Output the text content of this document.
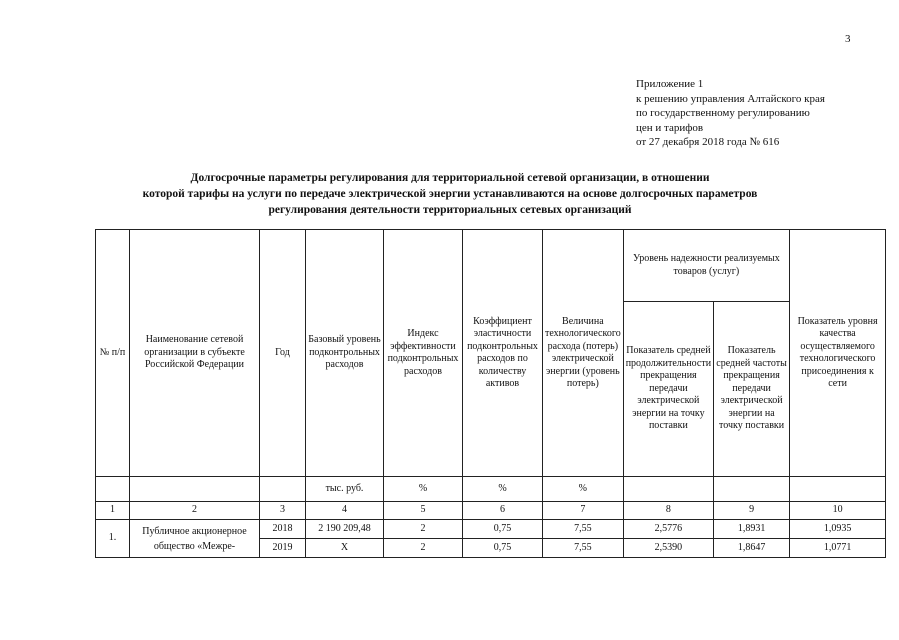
3
Приложение 1
к решению управления Алтайского края
по государственному регулированию
цен и тарифов
от 27 декабря 2018 года № 616
Долгосрочные параметры регулирования для территориальной сетевой организации, в отношении
которой тарифы на услуги по передаче электрической энергии устанавливаются на основе долгосрочных параметров
регулирования деятельности территориальных сетевых организаций
№ п/п	Наименование сетевой организации в субъекте Российской Федерации	Год	Базовый уровень подконтрольных расходов	Индекс эффективности подконтрольных расходов	Коэффициент эластичности подконтрольных расходов по количеству активов	Величина технологического расхода (потерь) электрической энергии (уровень потерь)	Уровень надежности реализуемых товаров (услуг)		Показатель уровня качества осуществляемого технологического присоединения к сети
							Показатель средней продолжительности прекращения передачи электрической энергии на точку поставки	Показатель средней частоты прекращения передачи электрической энергии на точку поставки	
			тыс. руб.	%	%	%			
1	2	3	4	5	6	7	8	9	10
1.	Публичное акционерное общество «Межре-	2018	2 190 209,48	2	0,75	7,55	2,5776	1,8931	1,0935
		2019	X	2	0,75	7,55	2,5390	1,8647	1,0771
